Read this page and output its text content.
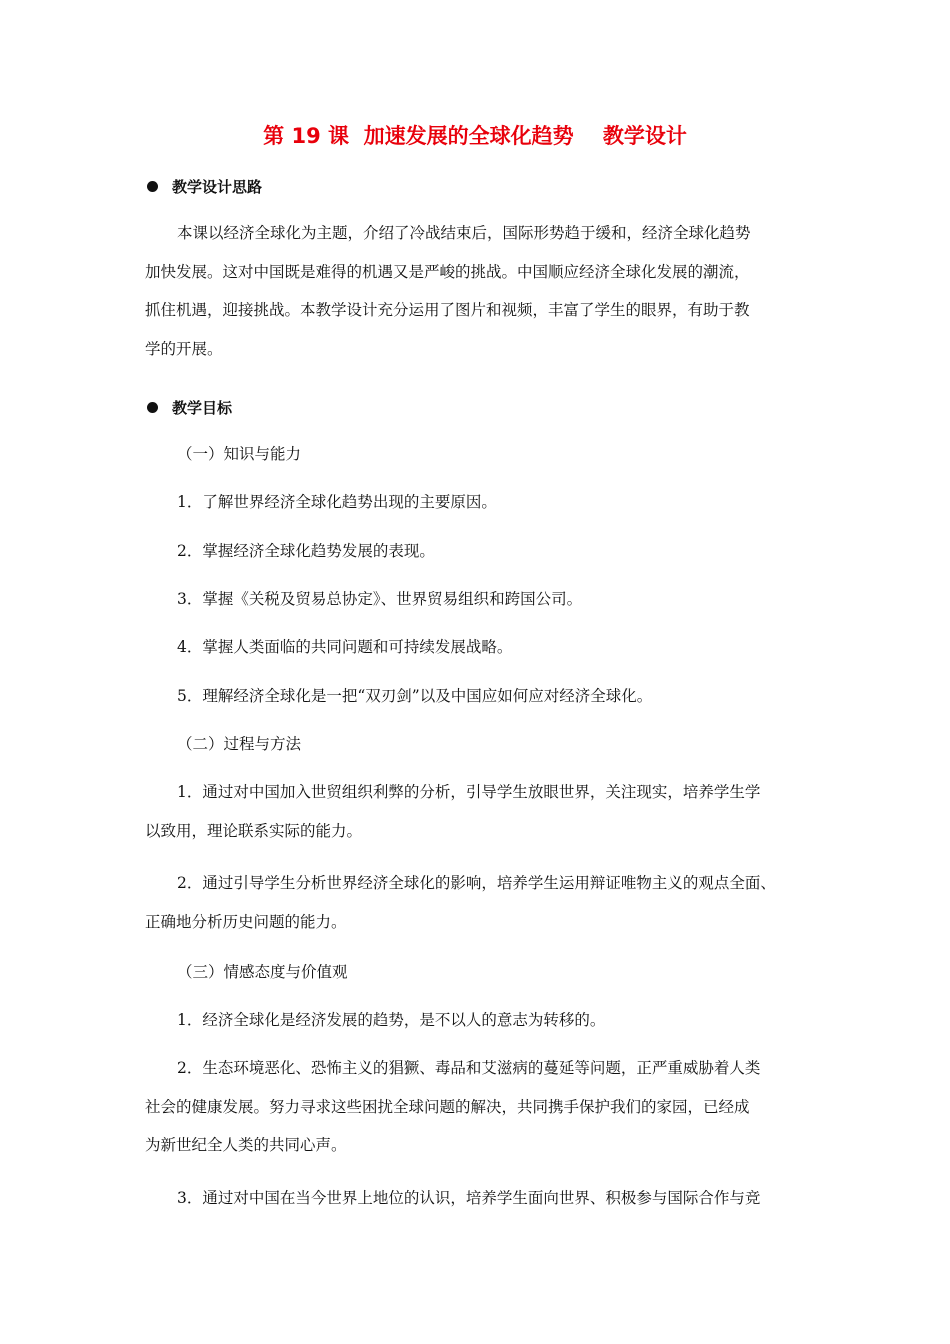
第 19 课  加速发展的全球化趋势    教学设计
教学设计思路
本课以经济全球化为主题，介绍了冷战结束后，国际形势趋于缓和，经济全球化趋势
加快发展。这对中国既是难得的机遇又是严峻的挑战。中国顺应经济全球化发展的潮流，
抓住机遇，迎接挑战。本教学设计充分运用了图片和视频，丰富了学生的眼界，有助于教
学的开展。
教学目标
（一）知识与能力
1．了解世界经济全球化趋势出现的主要原因。
2．掌握经济全球化趋势发展的表现。
3．掌握《关税及贸易总协定》、世界贸易组织和跨国公司。
4．掌握人类面临的共同问题和可持续发展战略。
5．理解经济全球化是一把“双刃剑”以及中国应如何应对经济全球化。
（二）过程与方法
1．通过对中国加入世贸组织利弊的分析，引导学生放眼世界，关注现实，培养学生学
以致用，理论联系实际的能力。
2．通过引导学生分析世界经济全球化的影响，培养学生运用辩证唯物主义的观点全面、
正确地分析历史问题的能力。
（三）情感态度与价值观
1．经济全球化是经济发展的趋势，是不以人的意志为转移的。
2．生态环境恶化、恐怖主义的猖獗、毒品和艾滋病的蔓延等问题，正严重威胁着人类
社会的健康发展。努力寻求这些困扰全球问题的解决，共同携手保护我们的家园，已经成
为新世纪全人类的共同心声。
3．通过对中国在当今世界上地位的认识，培养学生面向世界、积极参与国际合作与竞
